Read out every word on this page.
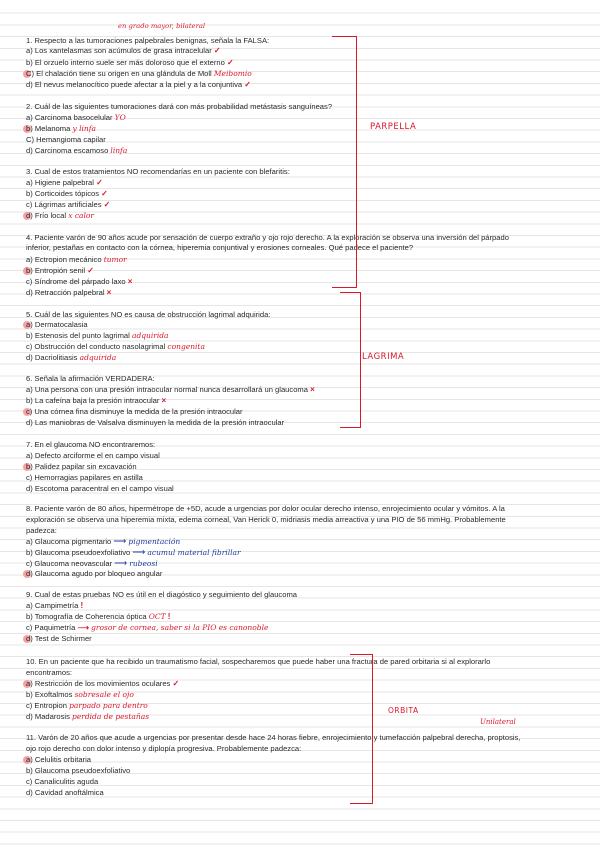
en grado mayor, bilateral
1. Respecto a las tumoraciones palpebrales benignas, señala la FALSA:
a) Los xantelasmas son acúmulos de grasa intracelular ✓
b) El orzuelo interno suele ser más doloroso que el externo ✓
C) El chalación tiene su origen en una glándula de Moll Meibomio
d) El nevus melanocítico puede afectar a la piel y a la conjuntiva ✓
2. Cuál de las siguientes tumoraciones dará con más probabilidad metástasis sanguíneas?
a) Carcinoma basocelular YO
b) Melanoma y linfa
C) Hemangioma capilar
d) Carcinoma escamoso linfa
3. Cual de estos tratamientos NO recomendarías en un paciente con blefaritis:
a) Higiene palpebral ✓
b) Corticoides tópicos ✓
c) Lágrimas artificiales ✓
d) Frío local x calor
4. Paciente varón de 90 años acude por sensación de cuerpo extraño y ojo rojo derecho. A la exploración se observa una inversión del párpado
inferior, pestañas en contacto con la córnea, hiperemia conjuntival y erosiones corneales. Qué padece el paciente?
a) Ectropion mecánico tumor
b) Entropión senil ✓
c) Síndrome del párpado laxo ×
d) Retracción palpebral ×
PARPELLA
5. Cuál de las siguientes NO es causa de obstrucción lagrimal adquirida:
a) Dermatocalasia
b) Estenosis del punto lagrimal adquirida
c) Obstrucción del conducto nasolagrimal congenita
d) Dacriolitiasis adquirida
6. Señala la afirmación VERDADERA:
a) Una persona con una presión intraocular normal nunca desarrollará un glaucoma ×
b) La cafeína baja la presión intraocular ×
c) Una córnea fina disminuye la medida de la presión intraocular
d) Las maniobras de Valsalva disminuyen la medida de la presión intraocular
LAGRIMA
7. En el glaucoma NO encontraremos:
a) Defecto arciforme el en campo visual
b) Palidez papilar sin excavación
c) Hemorragias papilares en astilla
d) Escotoma paracentral en el campo visual
8. Paciente varón de 80 años, hipermétrope de +5D, acude a urgencias por dolor ocular derecho intenso, enrojecimiento ocular y vómitos. A la
exploración se observa una hiperemia mixta, edema corneal, Van Herick 0, midriasis media arreactiva y una PIO de 56 mmHg. Probablemente
padezca:
a) Glaucoma pigmentario ⟶ pigmentación
b) Glaucoma pseudoexfoliativo ⟶ acumul material fibrillar
c) Glaucoma neovascular ⟶ rubeosi
d) Glaucoma agudo por bloqueo angular
9. Cual de estas pruebas NO es útil en el diagóstico y seguimiento del glaucoma
a) Campimetría !
b) Tomografía de Coherencia óptica OCT !
c) Paquimetría ⟶ grosor de cornea, saber si la PIO es canonoble
d) Test de Schirmer
10. En un paciente que ha recibido un traumatismo facial, sospecharemos que puede haber una fractura de pared orbitaria si al explorarlo
encontramos:
a) Restricción de los movimientos oculares ✓
b) Exoftalmos sobresale el ojo
c) Entropion parpado para dentro
d) Madarosis perdida de pestañas
Unilateral
11. Varón de 20 años que acude a urgencias por presentar desde hace 24 horas fiebre, enrojecimiento y tumefacción palpebral derecha, proptosis,
ojo rojo derecho con dolor intenso y diplopía progresiva. Probablemente padezca:
a) Celulitis orbitaria
b) Glaucoma pseudoexfoliativo
c) Canaliculitis aguda
d) Cavidad anoftálmica
ORBITA
